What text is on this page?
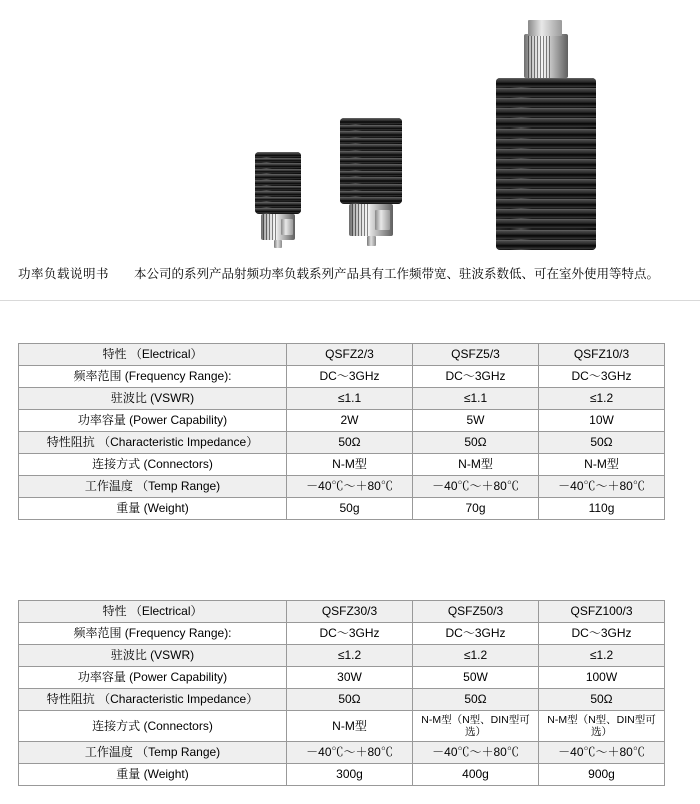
功率负载说明书 本公司的系列产品射频功率负载系列产品具有工作频带宽、驻波系数低、可在室外使用等特点。
特性 （Electrical）	QSFZ2/3	QSFZ5/3	QSFZ10/3
频率范围 (Frequency Range):	DC～3GHz	DC～3GHz	DC～3GHz
驻波比 (VSWR)	≤1.1	≤1.1	≤1.2
功率容量 (Power Capability)	2W	5W	10W
特性阻抗 （Characteristic Impedance）	50Ω	50Ω	50Ω
连接方式 (Connectors)	N-M型	N-M型	N-M型
工作温度 （Temp Range)	－40℃～＋80℃	－40℃～＋80℃	－40℃～＋80℃
重量 (Weight)	50g	70g	110g
特性 （Electrical）	QSFZ30/3	QSFZ50/3	QSFZ100/3
频率范围 (Frequency Range):	DC～3GHz	DC～3GHz	DC～3GHz
驻波比 (VSWR)	≤1.2	≤1.2	≤1.2
功率容量 (Power Capability)	30W	50W	100W
特性阻抗 （Characteristic Impedance）	50Ω	50Ω	50Ω
连接方式 (Connectors)	N-M型	N-M型（N型、DIN型可选）	N-M型（N型、DIN型可选）
工作温度 （Temp Range)	－40℃～＋80℃	－40℃～＋80℃	－40℃～＋80℃
重量 (Weight)	300g	400g	900g
